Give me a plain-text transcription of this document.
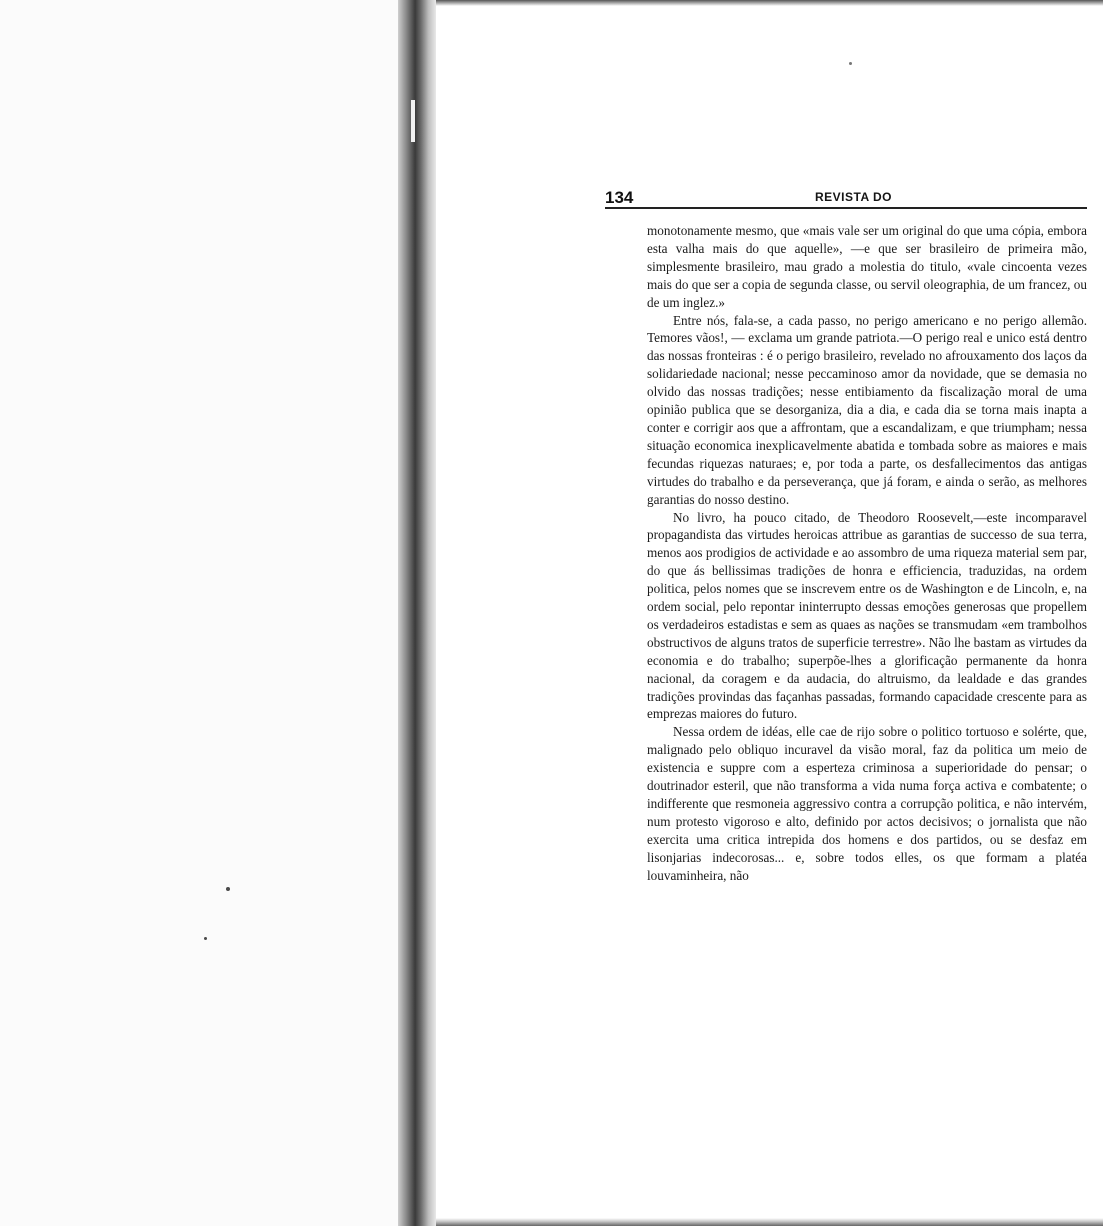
134	REVISTA DO

monotonamente mesmo, que «mais vale ser um original do que uma cópia, embora esta valha mais do que aquelle», —e que ser brasileiro de primeira mão, simplesmente brasileiro, mau grado a molestia do titulo, «vale cincoenta vezes mais do que ser a copia de segunda classe, ou servil oleographia, de um francez, ou de um inglez.»

Entre nós, fala-se, a cada passo, no perigo americano e no perigo allemão. Temores vãos!, — exclama um grande patriota.—O perigo real e unico está dentro das nossas fronteiras : é o perigo brasileiro, revelado no afrouxamento dos laços da solidariedade nacional; nesse peccaminoso amor da novidade, que se demasia no olvido das nossas tradições; nesse entibiamento da fiscalização moral de uma opinião publica que se desorganiza, dia a dia, e cada dia se torna mais inapta a conter e corrigir aos que a affrontam, que a escandalizam, e que triumpham; nessa situação economica inexplicavelmente abatida e tombada sobre as maiores e mais fecundas riquezas naturaes; e, por toda a parte, os desfallecimentos das antigas virtudes do trabalho e da perseverança, que já foram, e ainda o serão, as melhores garantias do nosso destino.

No livro, ha pouco citado, de Theodoro Roosevelt,—este incomparavel propagandista das virtudes heroicas attribue as garantias de successo de sua terra, menos aos prodigios de actividade e ao assombro de uma riqueza material sem par, do que ás bellissimas tradições de honra e efficiencia, traduzidas, na ordem politica, pelos nomes que se inscrevem entre os de Washington e de Lincoln, e, na ordem social, pelo repontar ininterrupto dessas emoções generosas que propellem os verdadeiros estadistas e sem as quaes as nações se transmudam «em trambolhos obstructivos de alguns tratos de superficie terrestre». Não lhe bastam as virtudes da economia e do trabalho; superpõe-lhes a glorificação permanente da honra nacional, da coragem e da audacia, do altruismo, da lealdade e das grandes tradições provindas das façanhas passadas, formando capacidade crescente para as emprezas maiores do futuro.

Nessa ordem de idéas, elle cae de rijo sobre o politico tortuoso e solérte, que, malignado pelo obliquo incuravel da visão moral, faz da politica um meio de existencia e suppre com a esperteza criminosa a superioridade do pensar; o doutrinador esteril, que não transforma a vida numa força activa e combatente; o indifferente que resmoneia aggressivo contra a corrupção politica, e não intervém, num protesto vigoroso e alto, definido por actos decisivos; o jornalista que não exercita uma critica intrepida dos homens e dos partidos, ou se desfaz em lisonjarias indecorosas... e, sobre todos elles, os que formam a platéa louvaminheira, não
